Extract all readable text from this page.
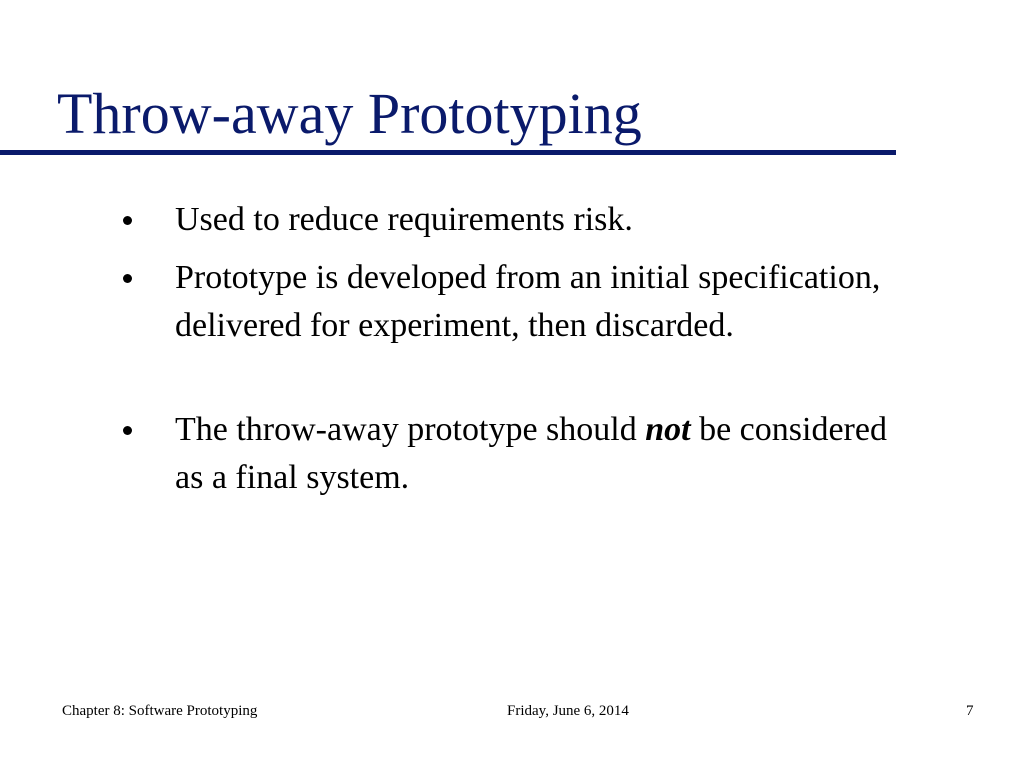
Throw-away Prototyping
Used to reduce requirements risk.
Prototype is developed from an initial specification, delivered for experiment, then discarded.
The throw-away prototype should not be considered as a final system.
Chapter 8: Software Prototyping	Friday, June 6, 2014	7
